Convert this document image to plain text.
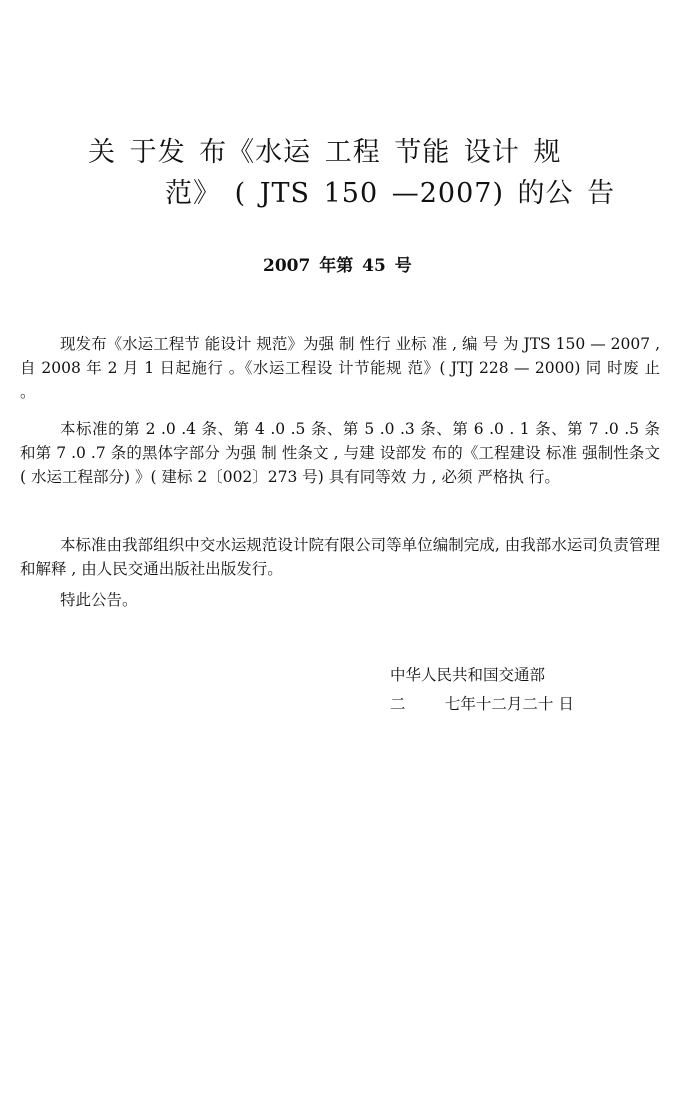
关 于发 布《水运 工程 节能 设计 规
范》 ( JTS 150 —2007) 的公 告
2007 年第 45 号

现发布《水运工程节 能设计 规范》为强 制 性行 业标 准 , 编 号 为 JTS 150 — 2007 , 自 2008 年 2 月 1 日起施行 。《水运工程设 计节能规 范》( JTJ 228 — 2000) 同 时废 止 。

本标准的第 2 .0 .4 条、第 4 .0 .5 条、第 5 .0 .3 条、第 6 .0 . 1 条、第 7 .0 .5 条 和第 7 .0 .7 条的黑体字部分 为强 制 性条文 , 与建 设部发 布的《工程建设 标准 强制性条文( 水运工程部分) 》( 建标 2〔002〕273 号) 具有同等效 力 , 必须 严格执 行。

本标准由我部组织中交水运规范设计院有限公司等单位编制完成, 由我部水运司负责管理和解释 , 由人民交通出版社出版发行。

特此公告。

中华人民共和国交通部
二        七年十二月二十 日
